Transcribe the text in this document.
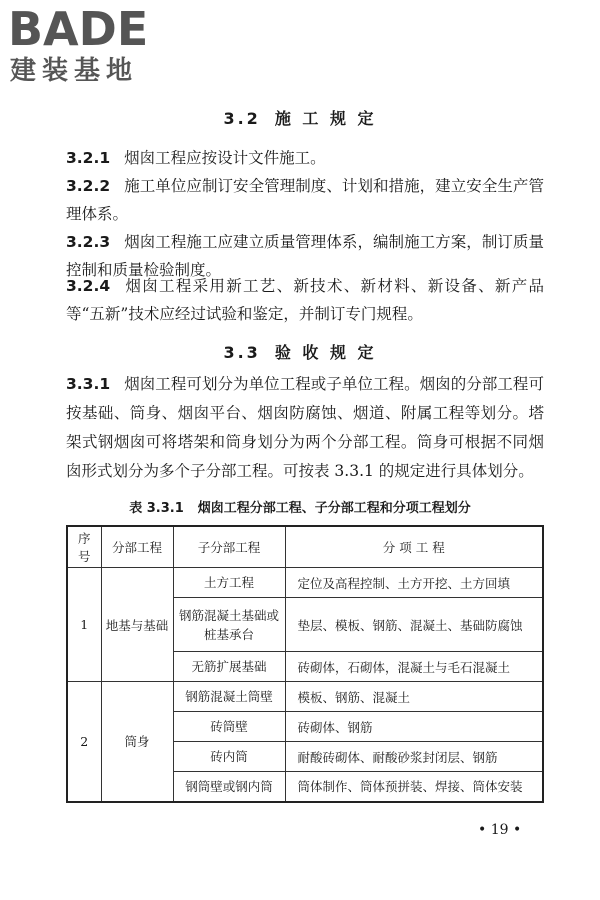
BADE
建装基地
3.2 施 工 规 定
3.2.1 烟囱工程应按设计文件施工。
3.2.2 施工单位应制订安全管理制度、计划和措施，建立安全生产管理体系。
3.2.3 烟囱工程施工应建立质量管理体系，编制施工方案，制订质量控制和质量检验制度。
3.2.4 烟囱工程采用新工艺、新技术、新材料、新设备、新产品等“五新”技术应经过试验和鉴定，并制订专门规程。
3.3 验 收 规 定
3.3.1 烟囱工程可划分为单位工程或子单位工程。烟囱的分部工程可按基础、筒身、烟囱平台、烟囱防腐蚀、烟道、附属工程等划分。塔架式钢烟囱可将塔架和筒身划分为两个分部工程。筒身可根据不同烟囱形式划分为多个子分部工程。可按表 3.3.1 的规定进行具体划分。
表 3.3.1 烟囱工程分部工程、子分部工程和分项工程划分
序号	分部工程	子分部工程	分 项 工 程
1	地基与基础	土方工程	定位及高程控制、土方开挖、土方回填
		钢筋混凝土基础或桩基承台	垫层、模板、钢筋、混凝土、基础防腐蚀
		无筋扩展基础	砖砌体，石砌体，混凝土与毛石混凝土
2	筒身	钢筋混凝土筒壁	模板、钢筋、混凝土
		砖筒壁	砖砌体、钢筋
		砖内筒	耐酸砖砌体、耐酸砂浆封闭层、钢筋
		钢筒壁或钢内筒	筒体制作、筒体预拼装、焊接、筒体安装
• 19 •
